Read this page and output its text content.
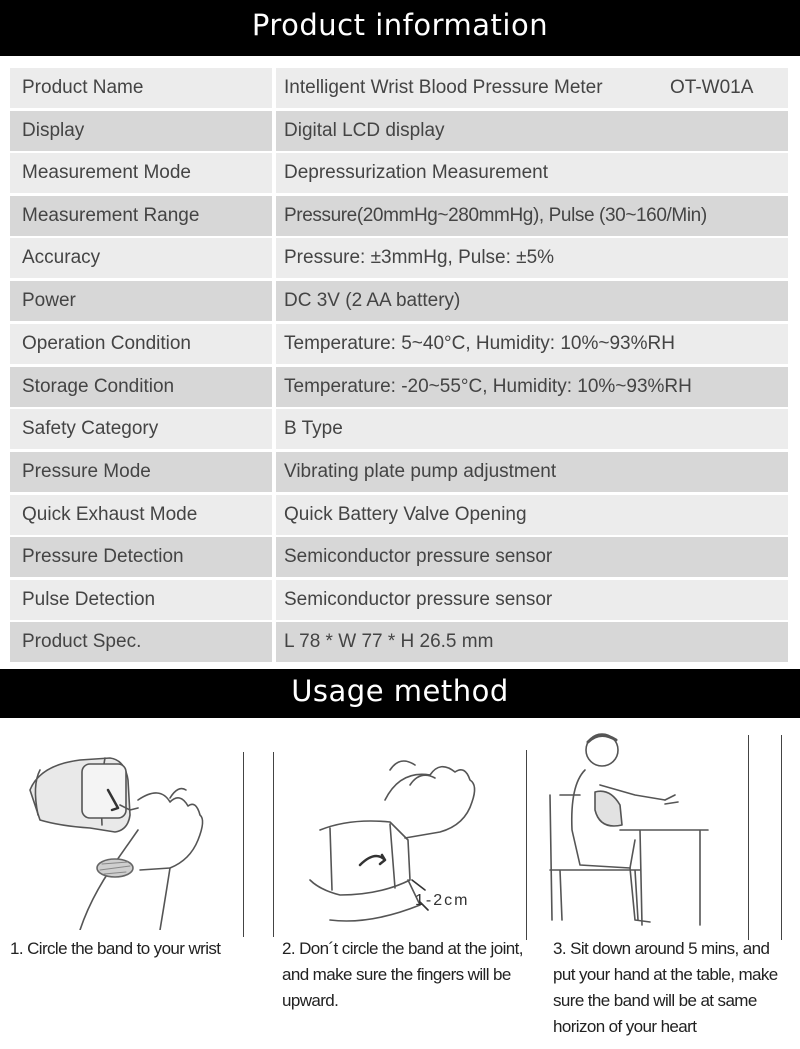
Product information
Product Name	Intelligent Wrist Blood Pressure Meter	OT-W01A
Display	Digital LCD display
Measurement Mode	Depressurization Measurement
Measurement Range	Pressure(20mmHg~280mmHg), Pulse (30~160/Min)
Accuracy	Pressure: ±3mmHg, Pulse: ±5%
Power	DC 3V (2 AA battery)
Operation Condition	Temperature: 5~40°C, Humidity: 10%~93%RH
Storage Condition	Temperature: -20~55°C, Humidity: 10%~93%RH
Safety Category	B Type
Pressure Mode	Vibrating plate pump adjustment
Quick Exhaust Mode	Quick Battery Valve Opening
Pressure Detection	Semiconductor pressure sensor
Pulse Detection	Semiconductor pressure sensor
Product Spec.	L 78 * W 77 * H 26.5 mm
Usage method
1-2cm
1. Circle the band to your wrist	2. Don´t circle the band at the joint, and make sure the fingers will be upward.
3. Sit down around 5 mins, and put your hand at the table, make sure the band will be at same horizon of your heart
